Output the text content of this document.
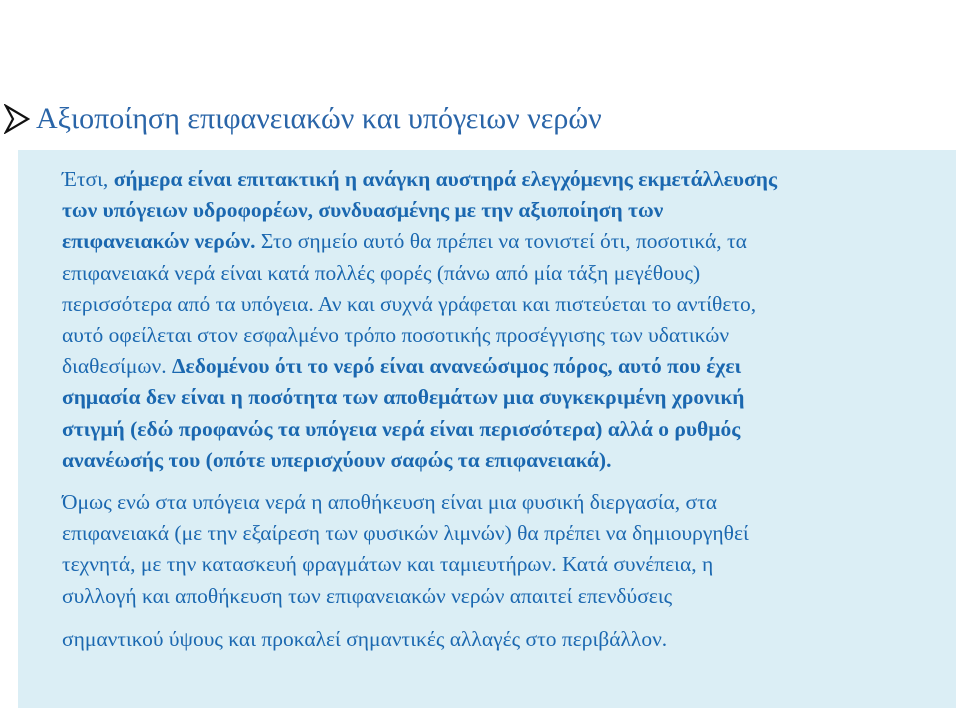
Αξιοποίηση επιφανειακών και υπόγειων νερών

Έτσι, σήμερα είναι επιτακτική η ανάγκη αυστηρά ελεγχόμενης εκμετάλλευσης
των υπόγειων υδροφορέων, συνδυασμένης με την αξιοποίηση των
επιφανειακών νερών. Στο σημείο αυτό θα πρέπει να τονιστεί ότι, ποσοτικά, τα
επιφανειακά νερά είναι κατά πολλές φορές (πάνω από μία τάξη μεγέθους)
περισσότερα από τα υπόγεια. Αν και συχνά γράφεται και πιστεύεται το αντίθετο,
αυτό οφείλεται στον εσφαλμένο τρόπο ποσοτικής προσέγγισης των υδατικών
διαθεσίμων. Δεδομένου ότι το νερό είναι ανανεώσιμος πόρος, αυτό που έχει
σημασία δεν είναι η ποσότητα των αποθεμάτων μια συγκεκριμένη χρονική
στιγμή (εδώ προφανώς τα υπόγεια νερά είναι περισσότερα) αλλά ο ρυθμός
ανανέωσής του (οπότε υπερισχύουν σαφώς τα επιφανειακά).

Όμως ενώ στα υπόγεια νερά η αποθήκευση είναι μια φυσική διεργασία, στα
επιφανειακά (με την εξαίρεση των φυσικών λιμνών) θα πρέπει να δημιουργηθεί
τεχνητά, με την κατασκευή φραγμάτων και ταμιευτήρων. Κατά συνέπεια, η
συλλογή και αποθήκευση των επιφανειακών νερών απαιτεί επενδύσεις

σημαντικού ύψους και προκαλεί σημαντικές αλλαγές στο περιβάλλον.
